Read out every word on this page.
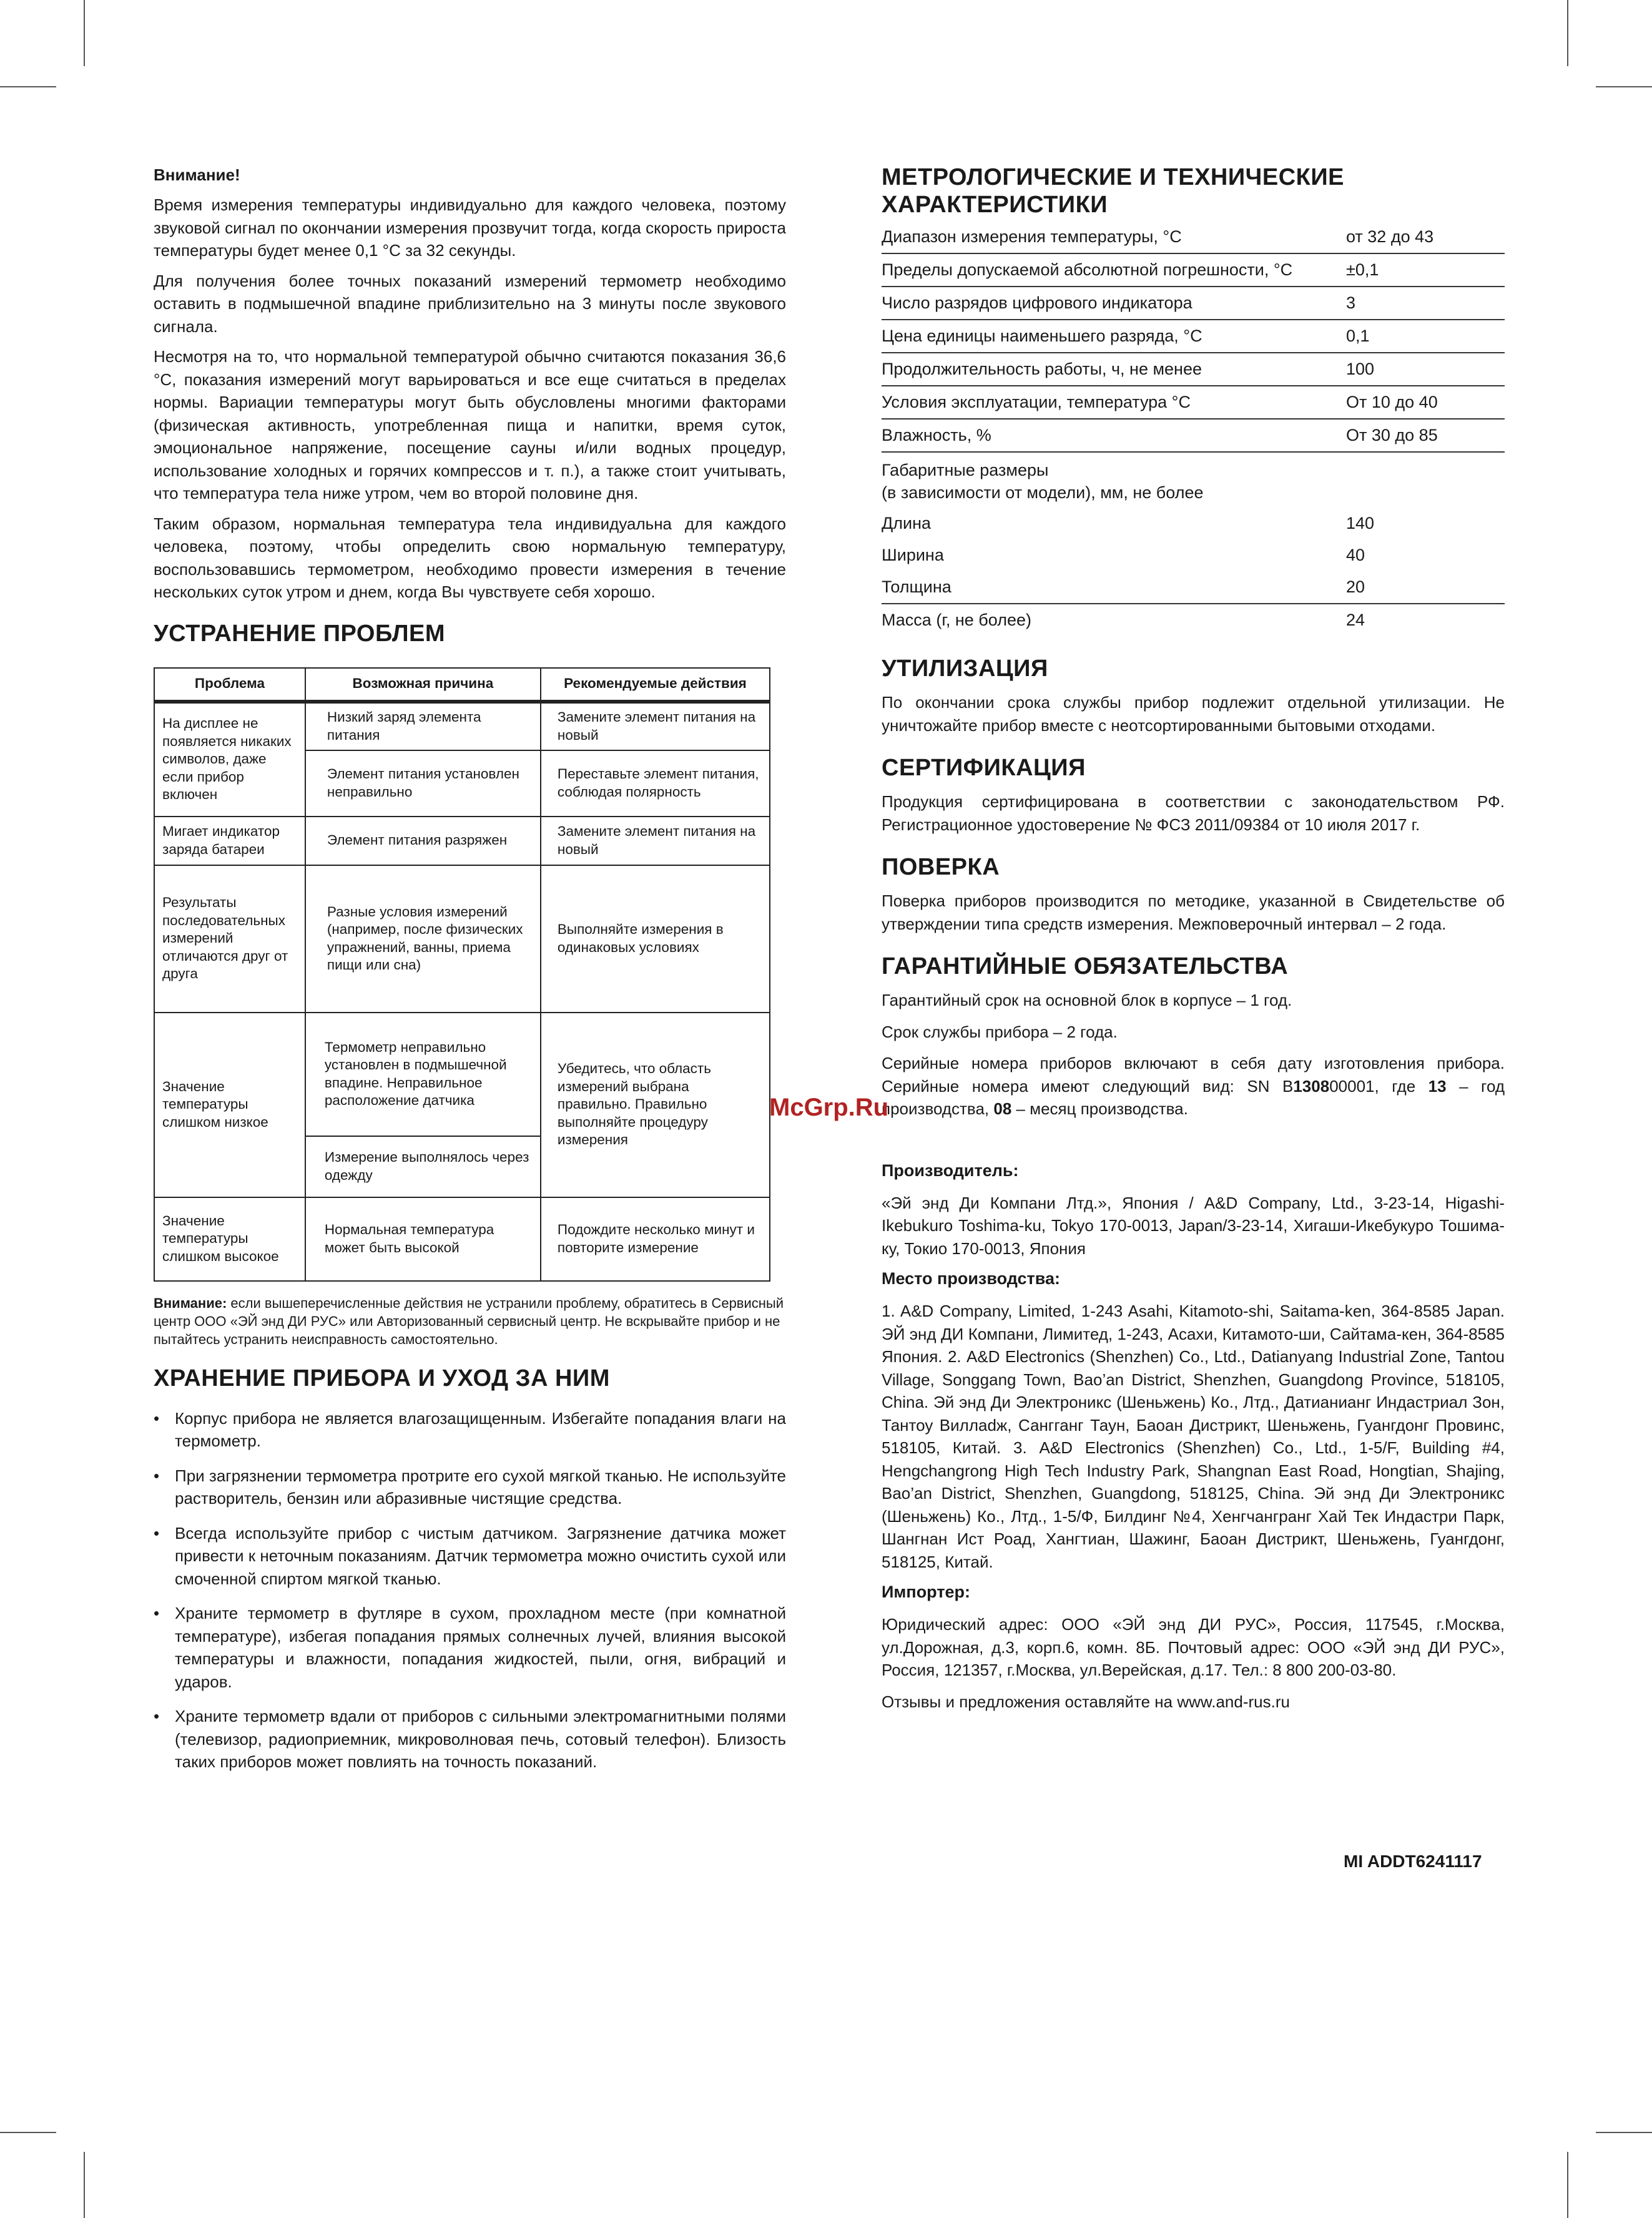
Внимание!

Время измерения температуры индивидуально для каждого человека, поэтому звуковой сигнал по окончании измерения прозвучит тогда, когда скорость прироста температуры будет менее 0,1 °С за 32 секунды.

Для получения более точных показаний измерений термометр необходимо оставить в подмышечной впадине приблизительно на 3 минуты после звукового сигнала.

Несмотря на то, что нормальной температурой обычно считаются показания 36,6 °С, показания измерений могут варьироваться и все еще считаться в пределах нормы. Вариации температуры могут быть обусловлены многими факторами (физическая активность, употребленная пища и напитки, время суток, эмоциональное напряжение, посещение сауны и/или водных процедур, использование холодных и горячих компрессов и т. п.), а также стоит учитывать, что температура тела ниже утром, чем во второй половине дня.

Таким образом, нормальная температура тела индивидуальна для каждого человека, поэтому, чтобы определить свою нормальную температуру, воспользовавшись термометром, необходимо провести измерения в течение нескольких суток утром и днем, когда Вы чувствуете себя хорошо.

УСТРАНЕНИЕ ПРОБЛЕМ
Проблема	Возможная причина	Рекомендуемые действия
На дисплее не появляется никаких символов, даже если прибор включен	Низкий заряд элемента питания	Замените элемент питания на новый
	Элемент питания установлен неправильно	Переставьте элемент питания, соблюдая полярность
Мигает индикатор заряда батареи	Элемент питания разряжен	Замените элемент питания на новый
Результаты последовательных измерений отличаются друг от друга	Разные условия измерений (например, после физических упражнений, ванны, приема пищи или сна)	Выполняйте измерения в одинаковых условиях
Значение температуры слишком низкое	Термометр неправильно установлен в подмышечной впадине. Неправильное расположение датчика	Убедитесь, что область измерений выбрана правильно. Правильно выполняйте процедуру измерения
	Измерение выполнялось через одежду	
Значение температуры слишком высокое	Нормальная температура может быть высокой	Подождите несколько минут и повторите измерение
Внимание: если вышеперечисленные действия не устранили проблему, обратитесь в Сервисный центр ООО «ЭЙ энд ДИ РУС» или Авторизованный сервисный центр. Не вскрывайте прибор и не пытайтесь устранить неисправность самостоятельно.
ХРАНЕНИЕ ПРИБОРА И УХОД ЗА НИМ
• Корпус прибора не является влагозащищенным. Избегайте попадания влаги на термометр.
• При загрязнении термометра протрите его сухой мягкой тканью. Не используйте растворитель, бензин или абразивные чистящие средства.
• Всегда используйте прибор с чистым датчиком. Загрязнение датчика может привести к неточным показаниям. Датчик термометра можно очистить сухой или смоченной спиртом мягкой тканью.
• Храните термометр в футляре в сухом, прохладном месте (при комнатной температуре), избегая попадания прямых солнечных лучей, влияния высокой температуры и влажности, попадания жидкостей, пыли, огня, вибраций и ударов.
• Храните термометр вдали от приборов с сильными электромагнитными полями (телевизор, радиоприемник, микроволновая печь, сотовый телефон). Близость таких приборов может повлиять на точность показаний.
МЕТРОЛОГИЧЕСКИЕ И ТЕХНИЧЕСКИЕ
ХАРАКТЕРИСТИКИ
Диапазон измерения температуры, °С	от 32 до 43
Пределы допускаемой абсолютной погрешности, °С	±0,1
Число разрядов цифрового индикатора	3
Цена единицы наименьшего разряда, °С	0,1
Продолжительность работы, ч, не менее	100
Условия эксплуатации, температура °С	От 10 до 40
Влажность, %	От 30 до 85
Габаритные размеры
(в зависимости от модели), мм, не более	
Длина	140
Ширина	40
Толщина	20
Масса (г, не более)	24
УТИЛИЗАЦИЯ

По окончании срока службы прибор подлежит отдельной утилизации. Не уничтожайте прибор вместе с неотсортированными бытовыми отходами.

СЕРТИФИКАЦИЯ

Продукция сертифицирована в соответствии с законодательством РФ. Регистрационное удостоверение № ФСЗ 2011/09384 от 10 июля 2017 г.

ПОВЕРКА

Поверка приборов производится по методике, указанной в Свидетельстве об утверждении типа средств измерения. Межповерочный интервал – 2 года.

ГАРАНТИЙНЫЕ ОБЯЗАТЕЛЬСТВА

Гарантийный срок на основной блок в корпусе – 1 год.

Срок службы прибора – 2 года.

Серийные номера приборов включают в себя дату изготовления прибора. Серийные номера имеют следующий вид: SN B130800001, где 13 – год производства, 08 – месяц производства.

Производитель:

«Эй энд Ди Компани Лтд.», Япония / A&D Company, Ltd., 3-23-14, Higashi-Ikebukuro Toshima-ku, Tokyo 170-0013, Japan/3-23-14, Хигаши-Икебукуро Тошима-ку, Токио 170-0013, Япония

Место производства:

1. A&D Company, Limited, 1-243 Asahi, Kitamoto-shi, Saitama-ken, 364-8585 Japan. ЭЙ энд ДИ Компани, Лимитед, 1-243, Асахи, Китамото-ши, Сайтама-кен, 364-8585 Япония. 2. A&D Electronics (Shenzhen) Co., Ltd., Datianyang Industrial Zone, Tantou Village, Songgang Town, Bao’an District, Shenzhen, Guangdong Province, 518105, China. Эй энд Ди Электроникс (Шеньжень) Ко., Лтд., Датианианг Индастриал Зон, Тантоу Виллаdж, Сангганг Таун, Баоан Дистрикт, Шеньжень, Гуангдонг Провинс, 518105, Китай. 3. A&D Electronics (Shenzhen) Co., Ltd., 1-5/F, Building #4, Hengchangrong High Tech Industry Park, Shangnan East Road, Hongtian, Shajing, Bao’an District, Shenzhen, Guangdong, 518125, China. Эй энд Ди Электроникс (Шеньжень) Ко., Лтд., 1-5/Ф, Билдинг №4, Хенгчангранг Хай Тек Индастри Парк, Шангнан Ист Роад, Хангтиан, Шажинг, Баоан Дистрикт, Шеньжень, Гуангдонг, 518125, Китай.

Импортер:

Юридический адрес: ООО «ЭЙ энд ДИ РУС», Россия, 117545, г.Москва, ул.Дорожная, д.3, корп.6, комн. 8Б. Почтовый адрес: ООО «ЭЙ энд ДИ РУС», Россия, 121357, г.Москва, ул.Верейская, д.17. Тел.: 8 800 200-03-80.

Отзывы и предложения оставляйте на www.and-rus.ru

MI ADDT6241117
McGrp.Ru
